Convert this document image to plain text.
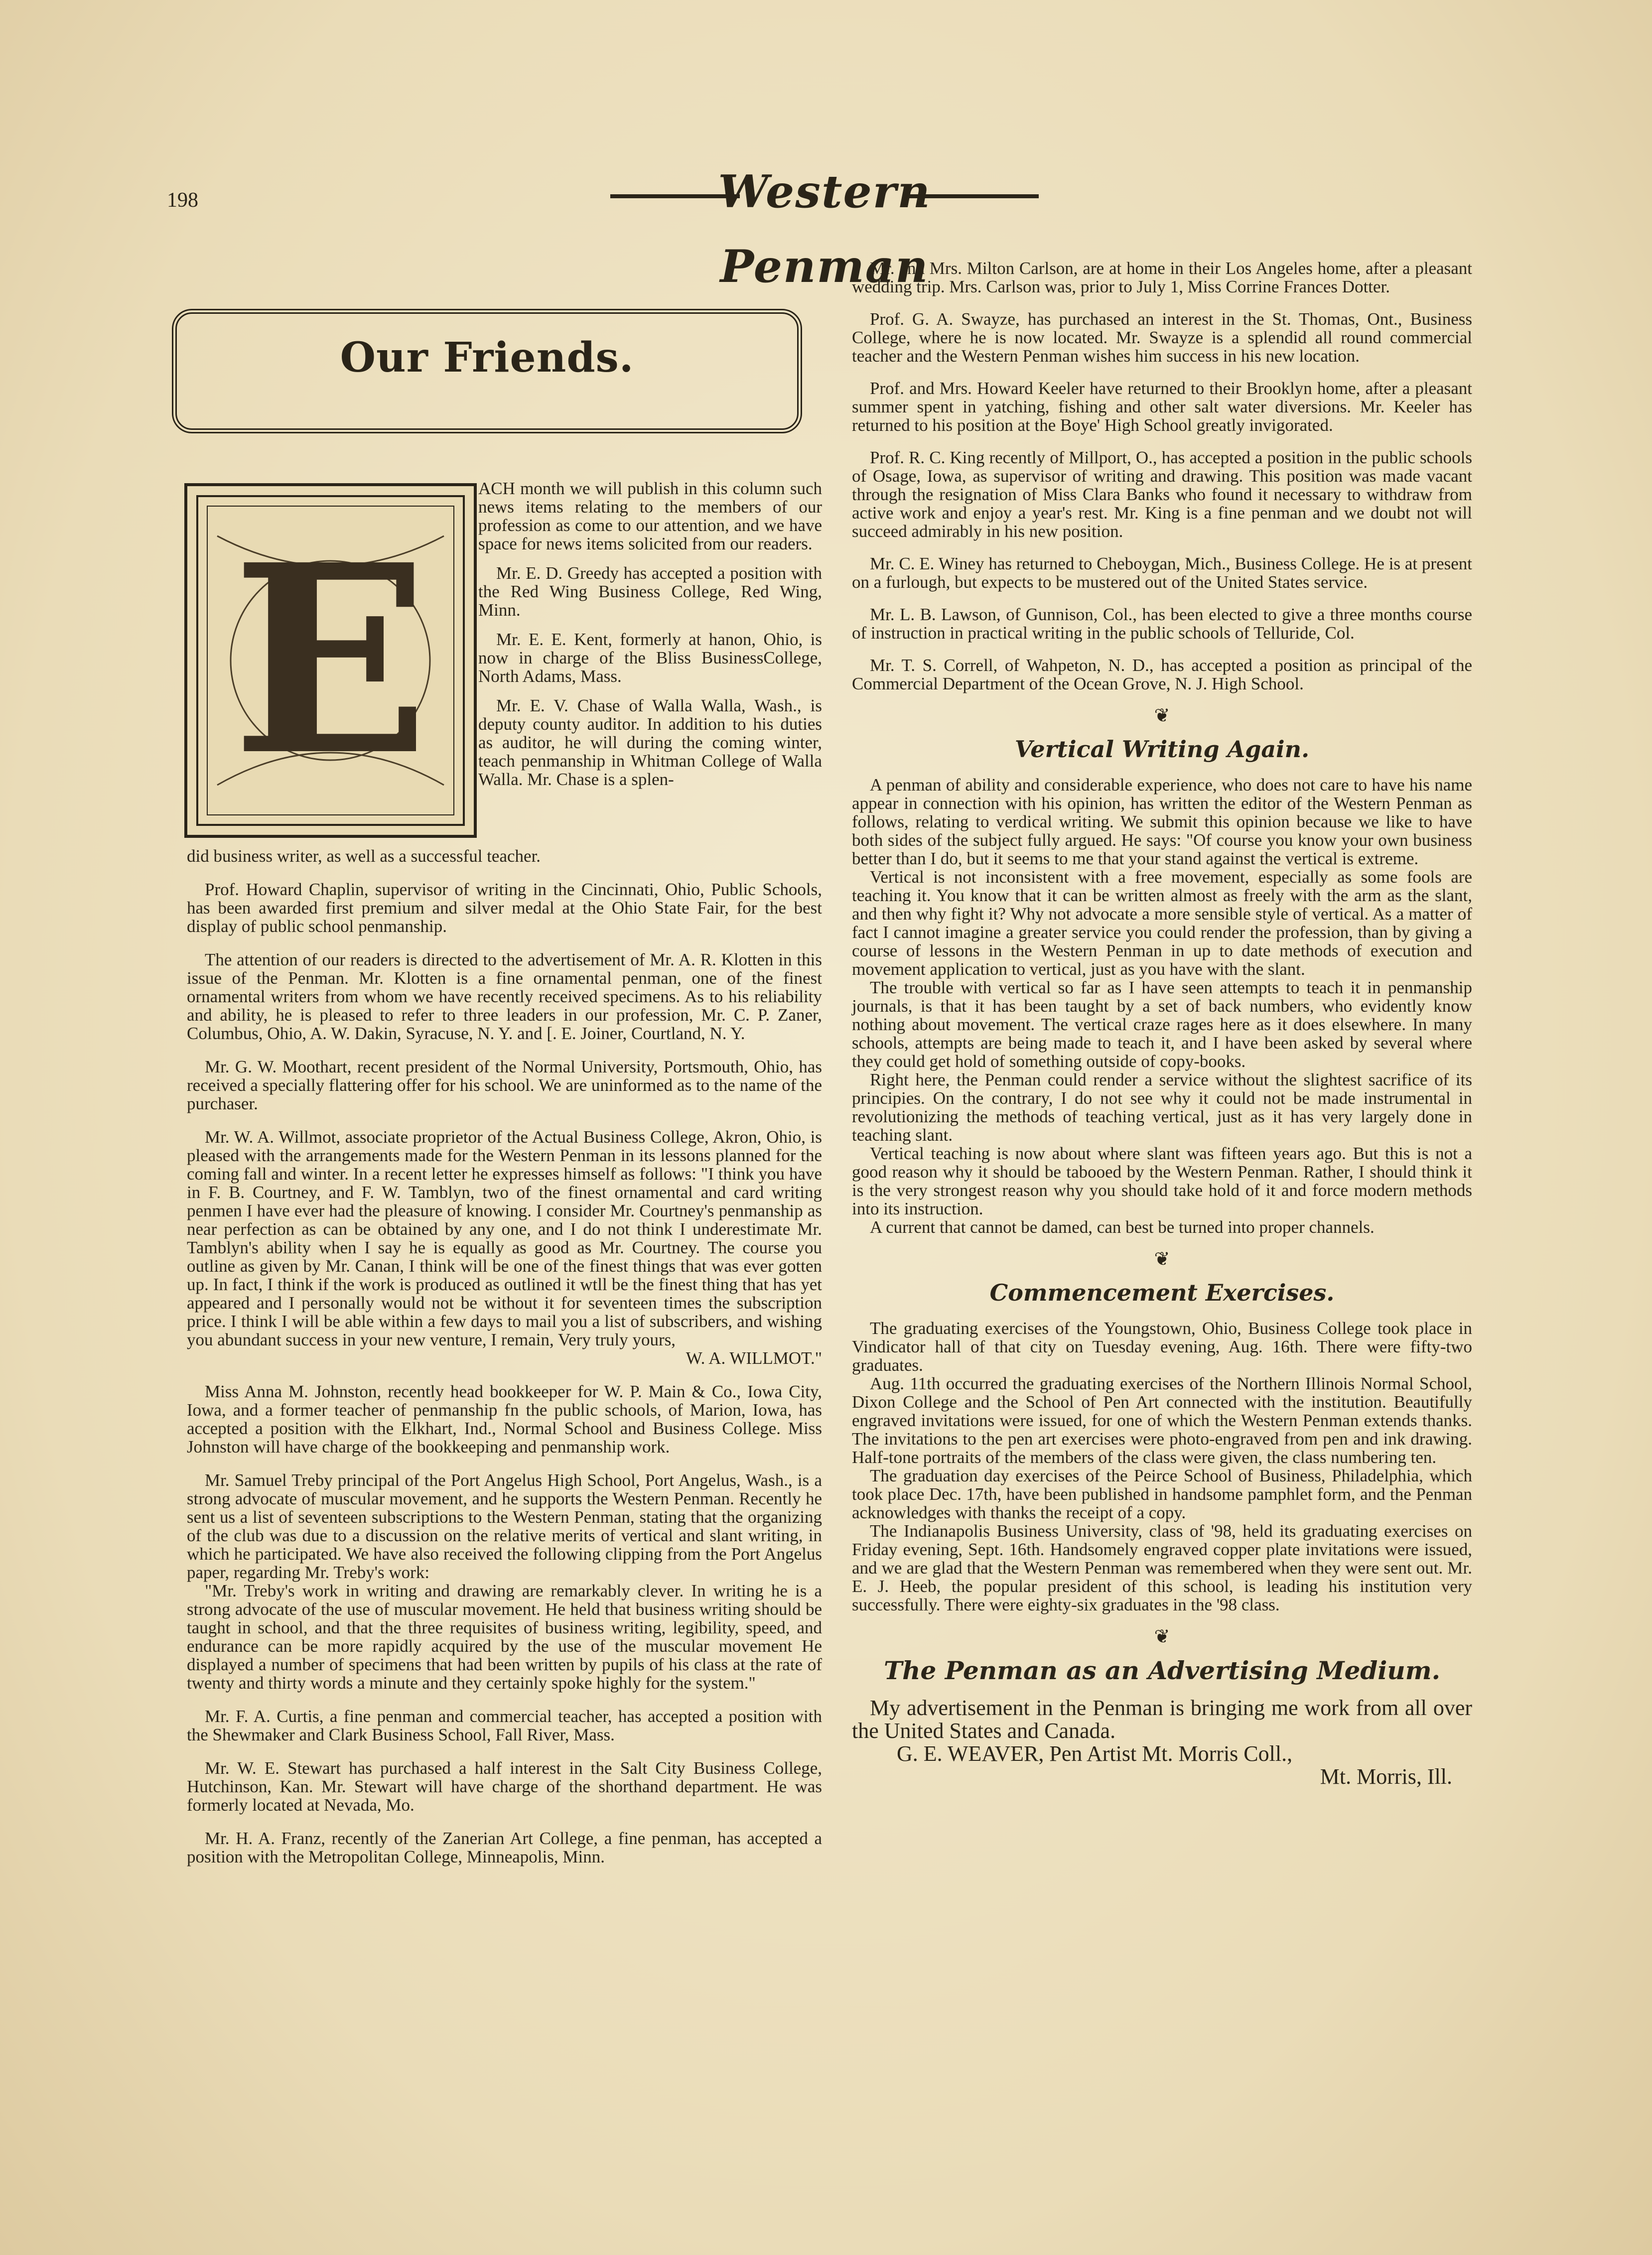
198	Western Penman
Our Friends.
E

ACH month we will publish in this column such news items relating to the members of our profession as come to our attention, and we have space for news items solicited from our readers.

Mr. E. D. Greedy has accepted a position with the Red Wing Business College, Red Wing, Minn.

Mr. E. E. Kent, formerly at hanon, Ohio, is now in charge of the Bliss BusinessCollege, North Adams, Mass.

Mr. E. V. Chase of Walla Walla, Wash., is deputy county auditor. In addition to his duties as auditor, he will during the coming winter, teach penmanship in Whitman College of Walla Walla. Mr. Chase is a splen-

did business writer, as well as a successful teacher.

Prof. Howard Chaplin, supervisor of writing in the Cincinnati, Ohio, Public Schools, has been awarded first premium and silver medal at the Ohio State Fair, for the best display of public school penmanship.

The attention of our readers is directed to the advertisement of Mr. A. R. Klotten in this issue of the Penman. Mr. Klotten is a fine ornamental penman, one of the finest ornamental writers from whom we have recently received specimens. As to his reliability and ability, he is pleased to refer to three leaders in our profession, Mr. C. P. Zaner, Columbus, Ohio, A. W. Dakin, Syracuse, N. Y. and [. E. Joiner, Courtland, N. Y.

Mr. G. W. Moothart, recent president of the Normal University, Portsmouth, Ohio, has received a specially flattering offer for his school. We are uninformed as to the name of the purchaser.

Mr. W. A. Willmot, associate proprietor of the Actual Business College, Akron, Ohio, is pleased with the arrangements made for the Western Penman in its lessons planned for the coming fall and winter. In a recent letter he expresses himself as follows: "I think you have in F. B. Courtney, and F. W. Tamblyn, two of the finest ornamental and card writing penmen I have ever had the pleasure of knowing. I consider Mr. Courtney's penmanship as near perfection as can be obtained by any one, and I do not think I underestimate Mr. Tamblyn's ability when I say he is equally as good as Mr. Courtney. The course you outline as given by Mr. Canan, I think will be one of the finest things that was ever gotten up. In fact, I think if the work is produced as outlined it wtll be the finest thing that has yet appeared and I personally would not be without it for seventeen times the subscription price. I think I will be able within a few days to mail you a list of subscribers, and wishing you abundant success in your new venture, I remain, Very truly yours,

W. A. WILLMOT."

Miss Anna M. Johnston, recently head bookkeeper for W. P. Main & Co., Iowa City, Iowa, and a former teacher of penmanship fn the public schools, of Marion, Iowa, has accepted a position with the Elkhart, Ind., Normal School and Business College. Miss Johnston will have charge of the bookkeeping and penmanship work.

Mr. Samuel Treby principal of the Port Angelus High School, Port Angelus, Wash., is a strong advocate of muscular movement, and he supports the Western Penman. Recently he sent us a list of seventeen subscriptions to the Western Penman, stating that the organizing of the club was due to a discussion on the relative merits of vertical and slant writing, in which he participated. We have also received the following clipping from the Port Angelus paper, regarding Mr. Treby's work:

"Mr. Treby's work in writing and drawing are remarkably clever. In writing he is a strong advocate of the use of muscular movement. He held that business writing should be taught in school, and that the three requisites of business writing, legibility, speed, and endurance can be more rapidly acquired by the use of the muscular movement He displayed a number of specimens that had been written by pupils of his class at the rate of twenty and thirty words a minute and they certainly spoke highly for the system."

Mr. F. A. Curtis, a fine penman and commercial teacher, has accepted a position with the Shewmaker and Clark Business School, Fall River, Mass.

Mr. W. E. Stewart has purchased a half interest in the Salt City Business College, Hutchinson, Kan. Mr. Stewart will have charge of the shorthand department. He was formerly located at Nevada, Mo.

Mr. H. A. Franz, recently of the Zanerian Art College, a fine penman, has accepted a position with the Metropolitan College, Minneapolis, Minn.

Mr. and Mrs. Milton Carlson, are at home in their Los Angeles home, after a pleasant wedding trip. Mrs. Carlson was, prior to July 1, Miss Corrine Frances Dotter.

Prof. G. A. Swayze, has purchased an interest in the St. Thomas, Ont., Business College, where he is now located. Mr. Swayze is a splendid all round commercial teacher and the Western Penman wishes him success in his new location.

Prof. and Mrs. Howard Keeler have returned to their Brooklyn home, after a pleasant summer spent in yatching, fishing and other salt water diversions. Mr. Keeler has returned to his position at the Boye' High School greatly invigorated.

Prof. R. C. King recently of Millport, O., has accepted a position in the public schools of Osage, Iowa, as supervisor of writing and drawing. This position was made vacant through the resignation of Miss Clara Banks who found it necessary to withdraw from active work and enjoy a year's rest. Mr. King is a fine penman and we doubt not will succeed admirably in his new position.

Mr. C. E. Winey has returned to Cheboygan, Mich., Business College. He is at present on a furlough, but expects to be mustered out of the United States service.

Mr. L. B. Lawson, of Gunnison, Col., has been elected to give a three months course of instruction in practical writing in the public schools of Telluride, Col.

Mr. T. S. Correll, of Wahpeton, N. D., has accepted a position as principal of the Commercial Department of the Ocean Grove, N. J. High School.

❦
Vertical Writing Again.

A penman of ability and considerable experience, who does not care to have his name appear in connection with his opinion, has written the editor of the Western Penman as follows, relating to verdical writing. We submit this opinion because we like to have both sides of the subject fully argued. He says: "Of course you know your own business better than I do, but it seems to me that your stand against the vertical is extreme.

Vertical is not inconsistent with a free movement, especially as some fools are teaching it. You know that it can be written almost as freely with the arm as the slant, and then why fight it? Why not advocate a more sensible style of vertical. As a matter of fact I cannot imagine a greater service you could render the profession, than by giving a course of lessons in the Western Penman in up to date methods of execution and movement application to vertical, just as you have with the slant.

The trouble with vertical so far as I have seen attempts to teach it in penmanship journals, is that it has been taught by a set of back numbers, who evidently know nothing about movement. The vertical craze rages here as it does elsewhere. In many schools, attempts are being made to teach it, and I have been asked by several where they could get hold of something outside of copy-books.

Right here, the Penman could render a service without the slightest sacrifice of its principies. On the contrary, I do not see why it could not be made instrumental in revolutionizing the methods of teaching vertical, just as it has very largely done in teaching slant.

Vertical teaching is now about where slant was fifteen years ago. But this is not a good reason why it should be tabooed by the Western Penman. Rather, I should think it is the very strongest reason why you should take hold of it and force modern methods into its instruction.

A current that cannot be damed, can best be turned into proper channels.

❦
Commencement Exercises.

The graduating exercises of the Youngstown, Ohio, Business College took place in Vindicator hall of that city on Tuesday evening, Aug. 16th. There were fifty-two graduates.

Aug. 11th occurred the graduating exercises of the Northern Illinois Normal School, Dixon College and the School of Pen Art connected with the institution. Beautifully engraved invitations were issued, for one of which the Western Penman extends thanks. The invitations to the pen art exercises were photo-engraved from pen and ink drawing. Half-tone portraits of the members of the class were given, the class numbering ten.

The graduation day exercises of the Peirce School of Business, Philadelphia, which took place Dec. 17th, have been published in handsome pamphlet form, and the Penman acknowledges with thanks the receipt of a copy.

The Indianapolis Business University, class of '98, held its graduating exercises on Friday evening, Sept. 16th. Handsomely engraved copper plate invitations were issued, and we are glad that the Western Penman was remembered when they were sent out. Mr. E. J. Heeb, the popular president of this school, is leading his institution very successfully. There were eighty-six graduates in the '98 class.

❦
The Penman as an Advertising Medium.

My advertisement in the Penman is bringing me work from all over the United States and Canada.

G. E. WEAVER, Pen Artist Mt. Morris Coll.,

Mt. Morris, Ill.
